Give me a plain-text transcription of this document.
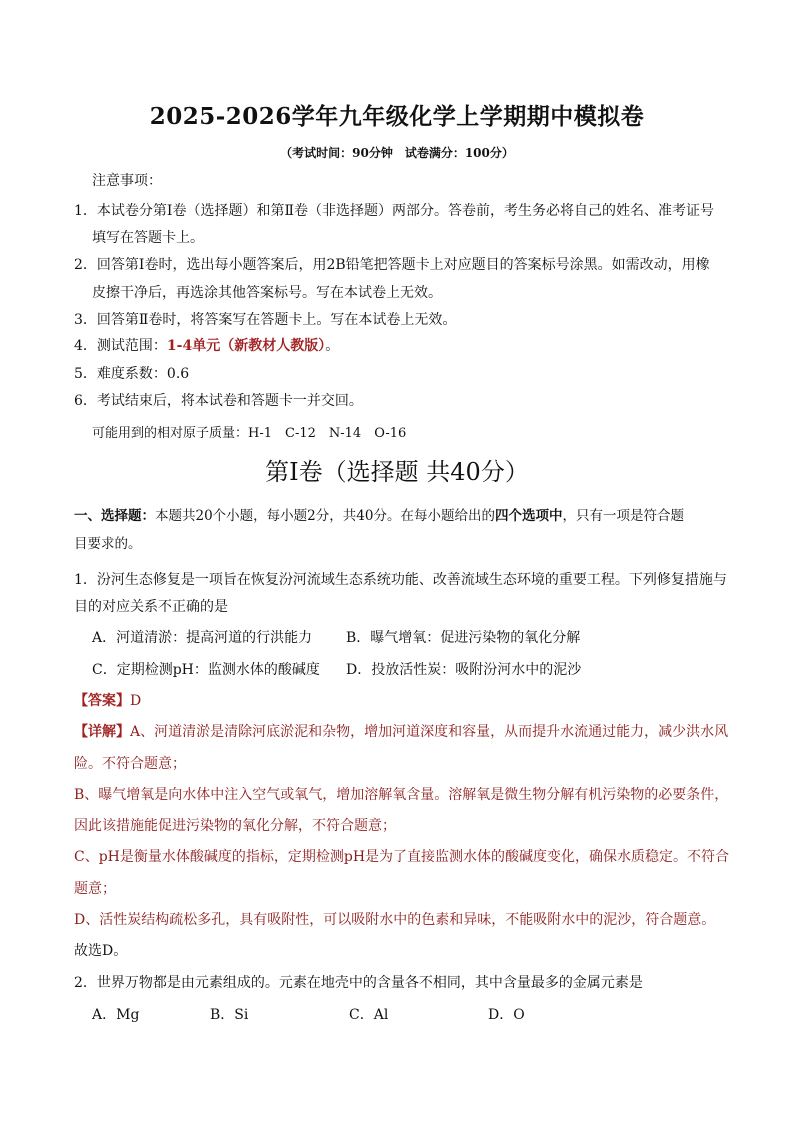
2025-2026学年九年级化学上学期期中模拟卷
（考试时间：90分钟　试卷满分：100分）
注意事项：
1．本试卷分第Ⅰ卷（选择题）和第Ⅱ卷（非选择题）两部分。答卷前，考生务必将自己的姓名、准考证号
填写在答题卡上。
2．回答第Ⅰ卷时，选出每小题答案后，用2B铅笔把答题卡上对应题目的答案标号涂黑。如需改动，用橡
皮擦干净后，再选涂其他答案标号。写在本试卷上无效。
3．回答第Ⅱ卷时，将答案写在答题卡上。写在本试卷上无效。
4．测试范围：1-4单元（新教材人教版）。
5．难度系数：0.6
6．考试结束后，将本试卷和答题卡一并交回。
可能用到的相对原子质量：H-1　C-12　N-14　O-16
第Ⅰ卷（选择题 共40分）
一、选择题：本题共20个小题，每小题2分，共40分。在每小题给出的四个选项中，只有一项是符合题
目要求的。
1．汾河生态修复是一项旨在恢复汾河流域生态系统功能、改善流域生态环境的重要工程。下列修复措施与
目的对应关系不正确的是
A．河道清淤：提高河道的行洪能力 B．曝气增氧：促进污染物的氧化分解
C．定期检测pH：监测水体的酸碱度 D．投放活性炭：吸附汾河水中的泥沙
【答案】D
【详解】A、河道清淤是清除河底淤泥和杂物，增加河道深度和容量，从而提升水流通过能力，减少洪水风
险。不符合题意；
B、曝气增氧是向水体中注入空气或氧气，增加溶解氧含量。溶解氧是微生物分解有机污染物的必要条件，
因此该措施能促进污染物的氧化分解，不符合题意；
C、pH是衡量水体酸碱度的指标，定期检测pH是为了直接监测水体的酸碱度变化，确保水质稳定。不符合
题意；
D、活性炭结构疏松多孔，具有吸附性，可以吸附水中的色素和异味，不能吸附水中的泥沙，符合题意。
故选D。
2．世界万物都是由元素组成的。元素在地壳中的含量各不相同，其中含量最多的金属元素是
A．Mg	B．Si	C．Al	D．O
